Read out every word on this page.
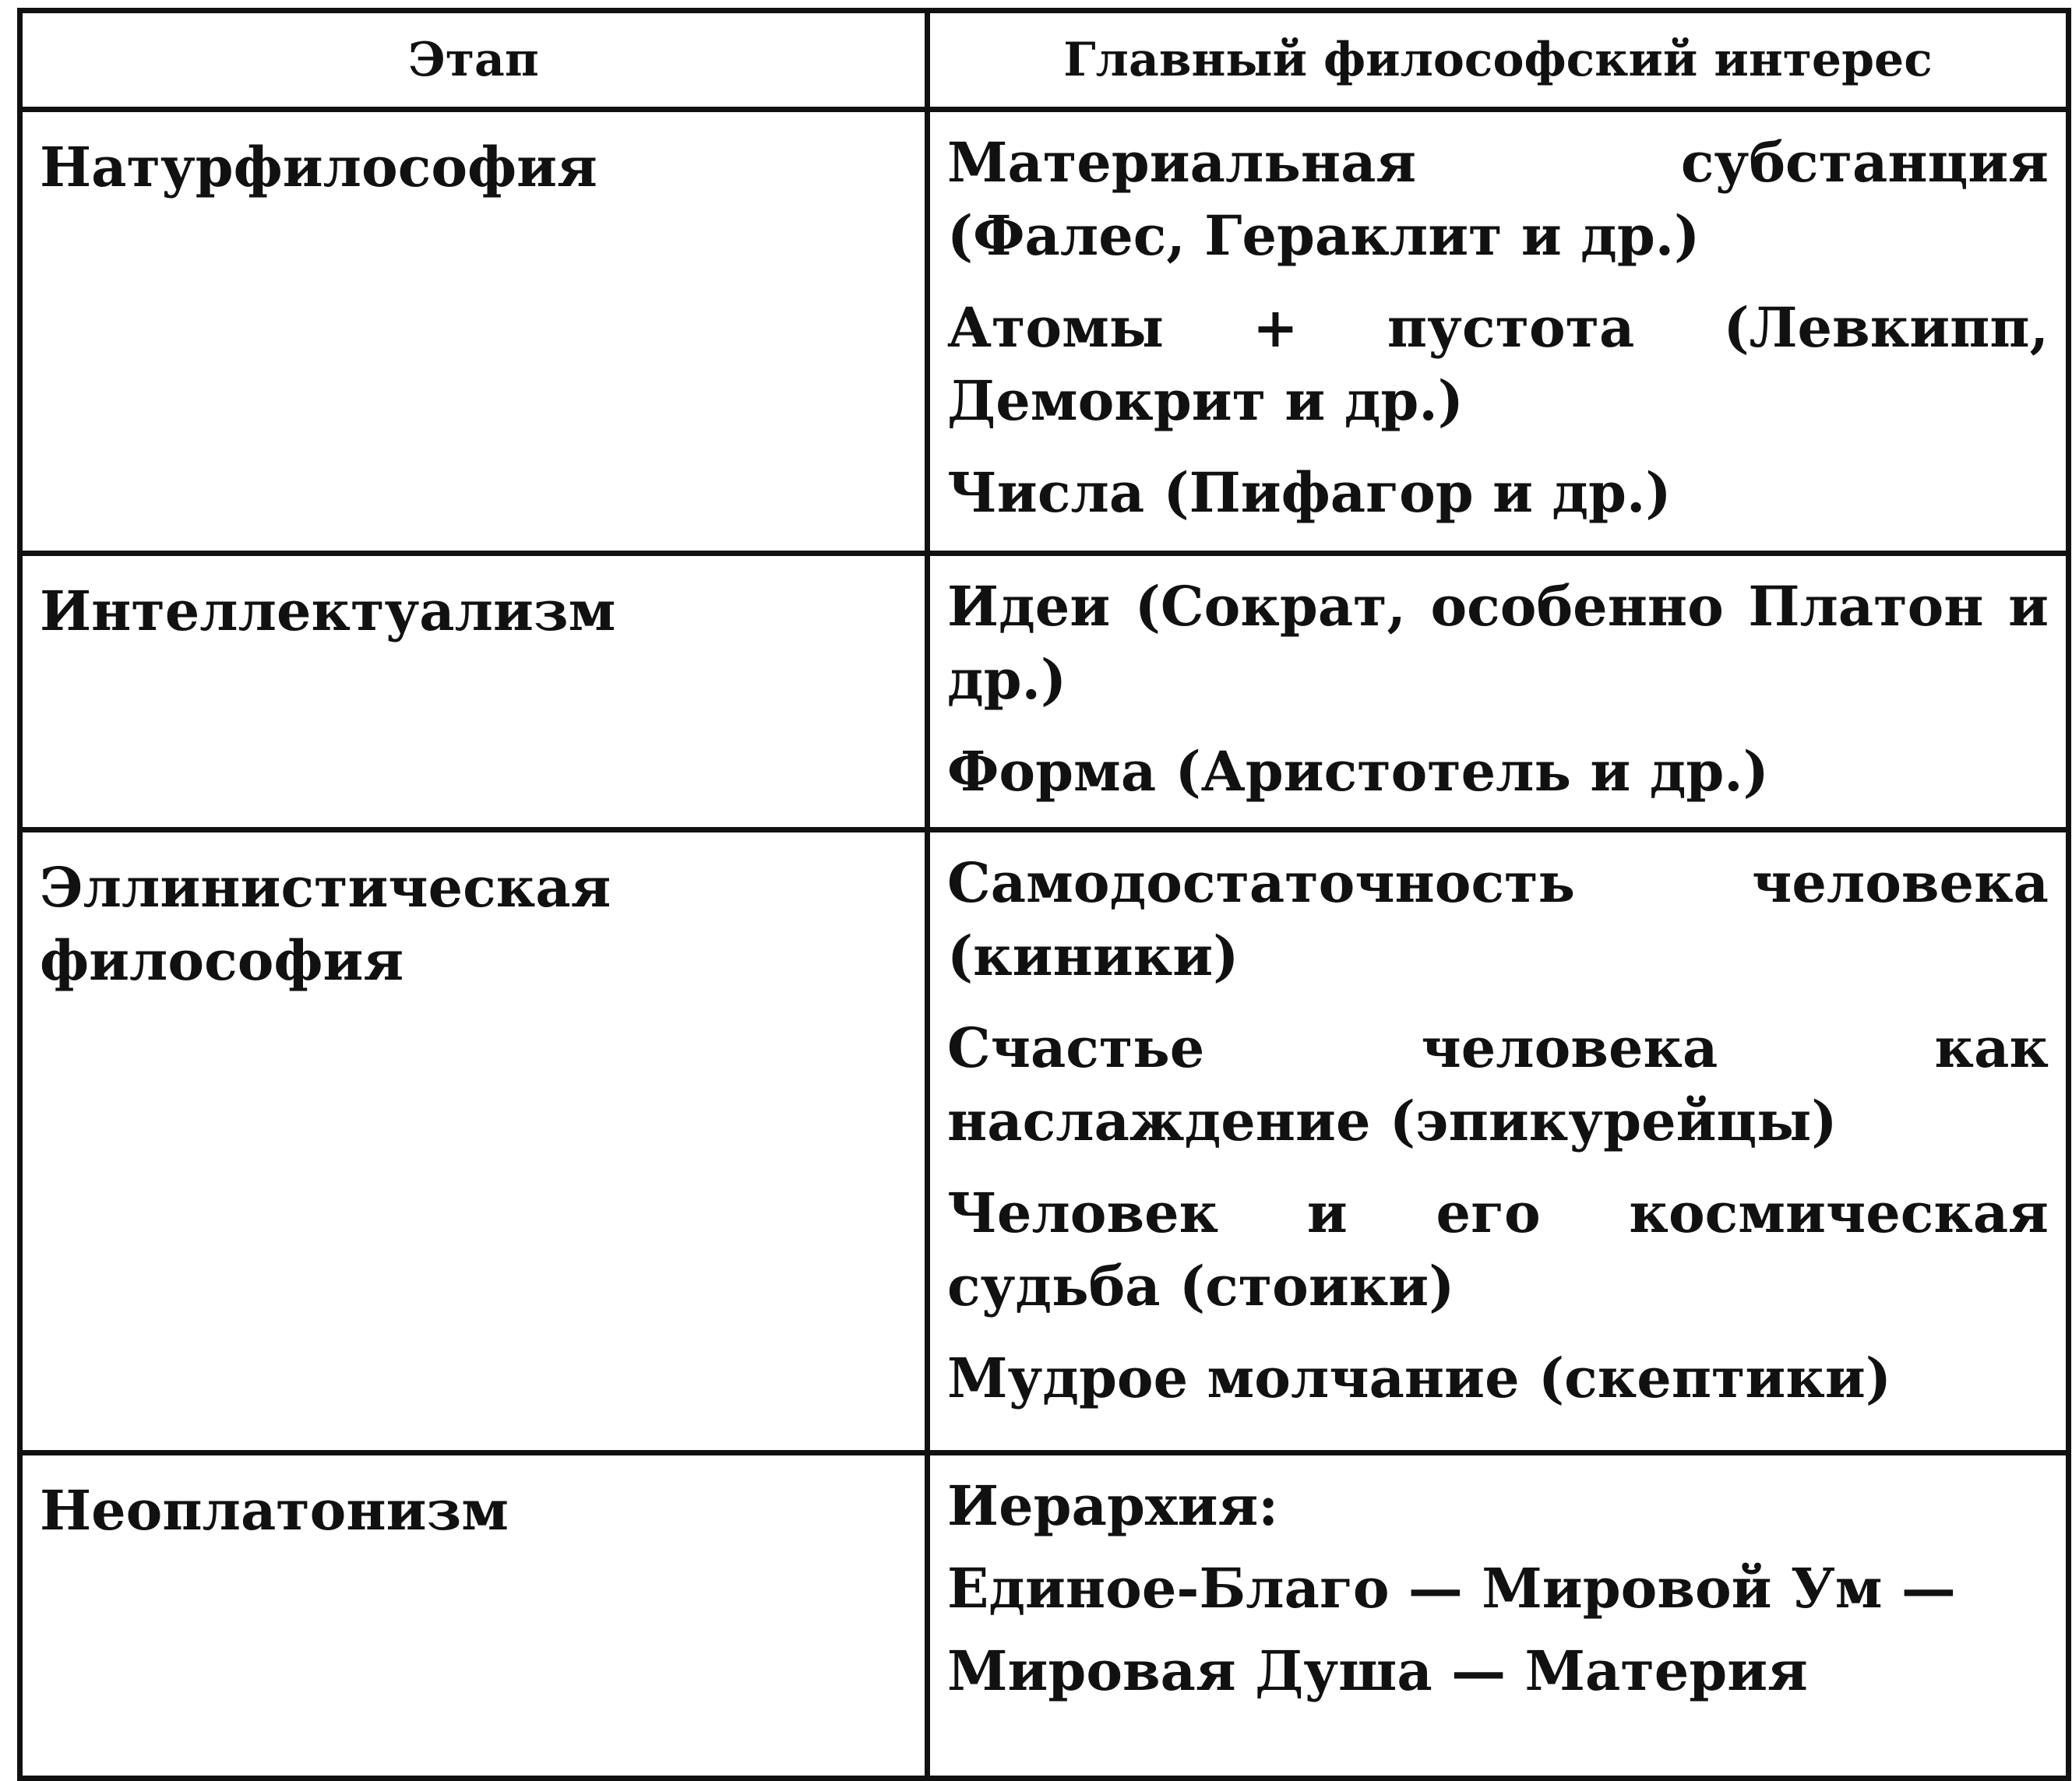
Этап	Главный философский интерес
Натурфилософия	Материальная субстанция (Фалес, Гераклит и др.)
Атомы + пустота (Левкипп, Демокрит и др.)
Числа (Пифагор и др.)

Интеллектуализм	Идеи (Сократ, особенно Платон и др.)
Форма (Аристотель и др.)

Эллинистическая философия	Самодостаточность человека (киники)
Счастье человека как наслаждение (эпикурейцы)
Человек и его космическая судьба (стоики)
Мудрое молчание (скептики)

Неоплатонизм	Иерархия:
Единое-Благо — Мировой Ум —
Мировая Душа — Материя
